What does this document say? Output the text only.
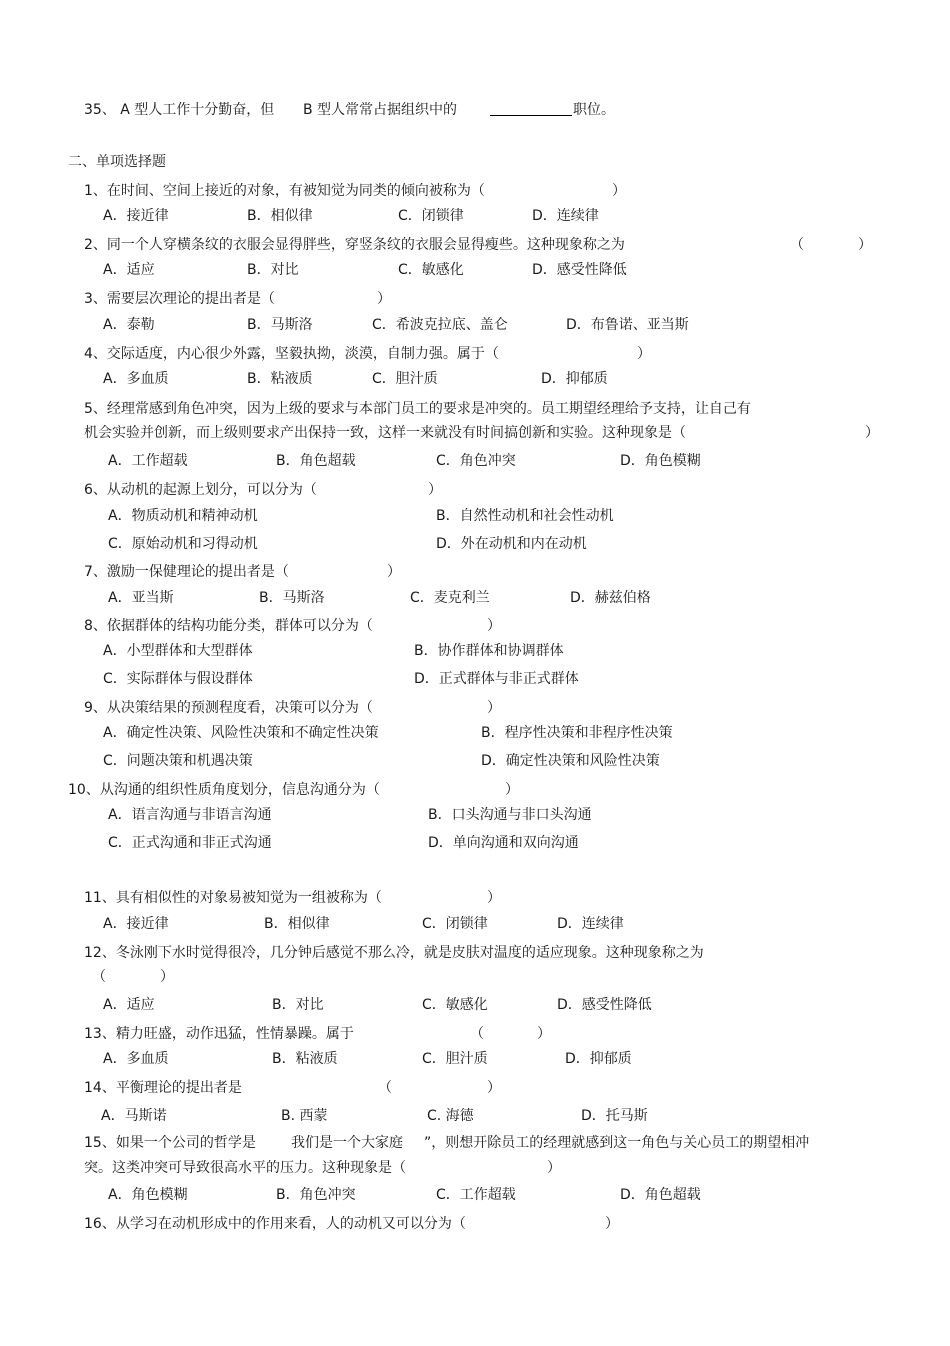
35、 A 型人工作十分勤奋，但 B 型人常常占据组织中的	职位。
二、单项选择题
1、在时间、空间上接近的对象，有被知觉为同类的倾向被称为（	）
A．接近律	B．相似律	C．闭锁律	D．连续律
2、同一个人穿横条纹的衣服会显得胖些，穿竖条纹的衣服会显得瘦些。这种现象称之为	（	）
A．适应	B．对比	C．敏感化	D．感受性降低
3、需要层次理论的提出者是（	）
A．泰勒	B．马斯洛	C．希波克拉底、盖仑	D．布鲁诺、亚当斯
4、交际适度，内心很少外露，坚毅执拗，淡漠，自制力强。属于（	）
A．多血质	B．粘液质	C．胆汁质	D．抑郁质
5、经理常感到角色冲突，因为上级的要求与本部门员工的要求是冲突的。员工期望经理给予支持，让自己有
机会实验并创新，而上级则要求产出保持一致，这样一来就没有时间搞创新和实验。这种现象是（	）
A．工作超载	B．角色超载	C．角色冲突	D．角色模糊
6、从动机的起源上划分，可以分为（	）
A．物质动机和精神动机	B．自然性动机和社会性动机
C．原始动机和习得动机	D．外在动机和内在动机
7、激励一保健理论的提出者是（	）
A．亚当斯	B．马斯洛	C．麦克利兰	D．赫兹伯格
8、依据群体的结构功能分类，群体可以分为（	）
A．小型群体和大型群体	B．协作群体和协调群体
C．实际群体与假设群体	D．正式群体与非正式群体
9、从决策结果的预测程度看，决策可以分为（	）
A．确定性决策、风险性决策和不确定性决策	B．程序性决策和非程序性决策
C．问题决策和机遇决策	D．确定性决策和风险性决策
10、从沟通的组织性质角度划分，信息沟通分为（	）
A．语言沟通与非语言沟通	B．口头沟通与非口头沟通
C．正式沟通和非正式沟通	D．单向沟通和双向沟通
11、具有相似性的对象易被知觉为一组被称为（	）
A．接近律	B．相似律	C．闭锁律	D．连续律
12、冬泳刚下水时觉得很冷，几分钟后感觉不那么冷，就是皮肤对温度的适应现象。这种现象称之为
（	）
A．适应	B．对比	C．敏感化	D．感受性降低
13、精力旺盛，动作迅猛，性情暴躁。属于	（	）
A．多血质	B．粘液质	C．胆汁质	D．抑郁质
14、平衡理论的提出者是	（	）
A．马斯诺	B. 西蒙	C. 海德	D．托马斯
15、如果一个公司的哲学是	我们是一个大家庭 ”，则想开除员工的经理就感到这一角色与关心员工的期望相冲
突。这类冲突可导致很高水平的压力。这种现象是（	）
A．角色模糊	B．角色冲突	C．工作超载	D．角色超载
16、从学习在动机形成中的作用来看，人的动机又可以分为（	）
